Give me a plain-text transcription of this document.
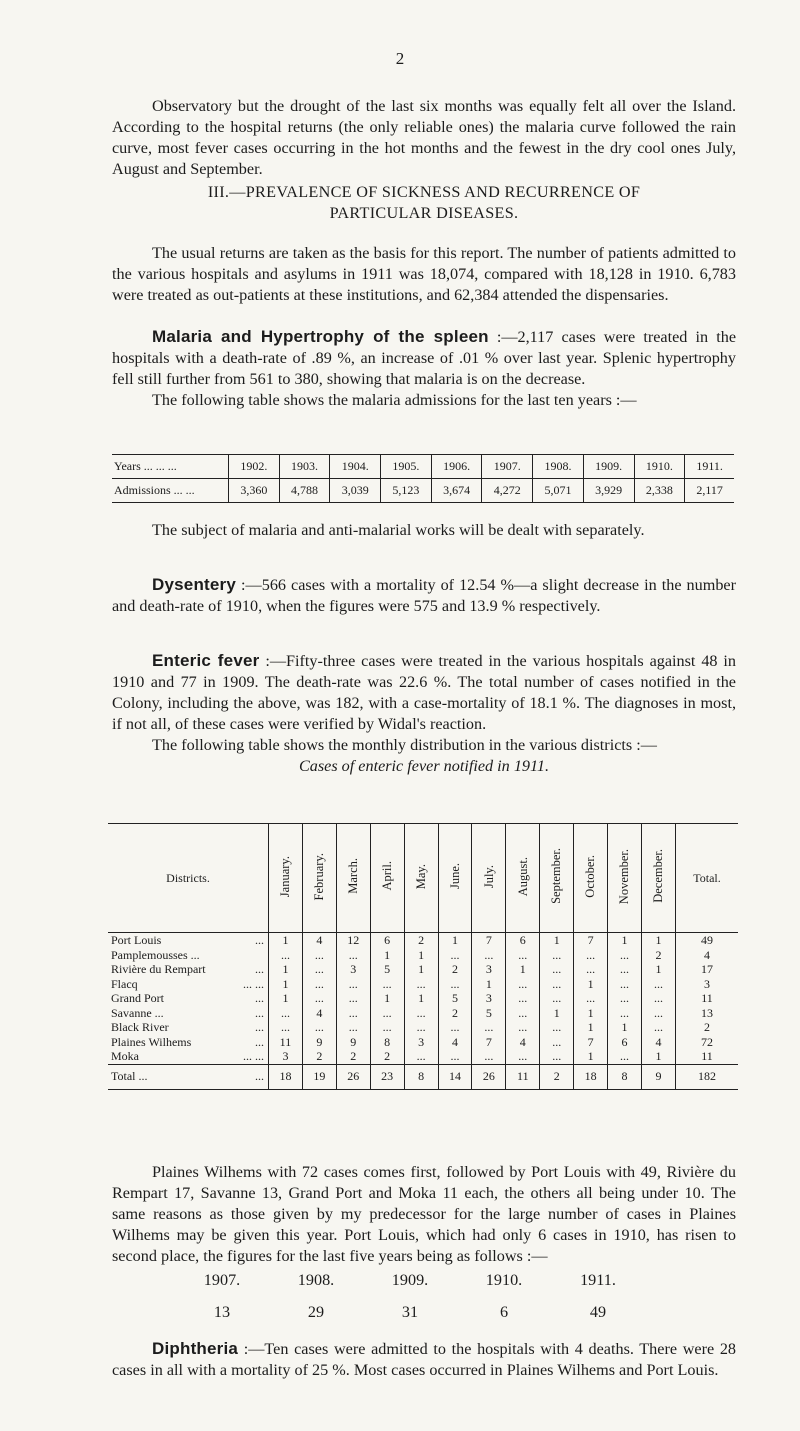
2

Observatory but the drought of the last six months was equally felt all over the Island. According to the hospital returns (the only reliable ones) the malaria curve followed the rain curve, most fever cases occurring in the hot months and the fewest in the dry cool ones July, August and September.

III.—PREVALENCE OF SICKNESS AND RECURRENCE OF

PARTICULAR DISEASES.

The usual returns are taken as the basis for this report. The number of patients admitted to the various hospitals and asylums in 1911 was 18,074, compared with 18,128 in 1910. 6,783 were treated as out-patients at these institutions, and 62,384 attended the dispensaries.

Malaria and Hypertrophy of the spleen :—2,117 cases were treated in the hospitals with a death-rate of .89 %, an increase of .01 % over last year. Splenic hypertrophy fell still further from 561 to 380, showing that malaria is on the decrease.

The following table shows the malaria admissions for the last ten years :—

Years ... ... ...	1902.	1903.	1904.	1905.	1906.	1907.	1908.	1909.	1910.	1911.
Admissions ... ...	3,360	4,788	3,039	5,123	3,674	4,272	5,071	3,929	2,338	2,117

The subject of malaria and anti-malarial works will be dealt with separately.

Dysentery :—566 cases with a mortality of 12.54 %—a slight decrease in the number and death-rate of 1910, when the figures were 575 and 13.9 % respectively.

Enteric fever :—Fifty-three cases were treated in the various hospitals against 48 in 1910 and 77 in 1909. The death-rate was 22.6 %. The total number of cases notified in the Colony, including the above, was 182, with a case-mortality of 18.1 %. The diagnoses in most, if not all, of these cases were verified by Widal's reaction.

The following table shows the monthly distribution in the various districts :—

Cases of enteric fever notified in 1911.

Districts.	January.	February.	March.	April.	May.	June.	July.	August.	September.	October.	November.	December.	Total.

Port Louis ...	1	4	12	6	2	1	7	6	1	7	1	1	49

Pamplemousses ...	...	...	...	1	1	...	...	...	...	...	...	2	4

Rivière du Rempart ...	1	...	3	5	1	2	3	1	...	...	...	1	17

Flacq ... ...	1	...	...	...	...	...	1	...	...	1	...	...	3

Grand Port ...	1	...	...	1	1	5	3	...	...	...	...	...	11

Savanne ... ...	...	4	...	...	...	2	5	...	1	1	...	...	13

Black River ...	...	...	...	...	...	...	...	...	...	1	1	...	2

Plaines Wilhems ...	11	9	9	8	3	4	7	4	...	7	6	4	72

Moka ... ...	3	2	2	2	...	...	...	...	...	1	...	1	11

Total ... ...	18	19	26	23	8	14	26	11	2	18	8	9	182

Plaines Wilhems with 72 cases comes first, followed by Port Louis with 49, Rivière du Rempart 17, Savanne 13, Grand Port and Moka 11 each, the others all being under 10. The same reasons as those given by my predecessor for the large number of cases in Plaines Wilhems may be given this year. Port Louis, which had only 6 cases in 1910, has risen to second place, the figures for the last five years being as follows :—

1907.	1908.	1909.	1910.	1911.
13	29	31	6	49

Diphtheria :—Ten cases were admitted to the hospitals with 4 deaths. There were 28 cases in all with a mortality of 25 %. Most cases occurred in Plaines Wilhems and Port Louis.
